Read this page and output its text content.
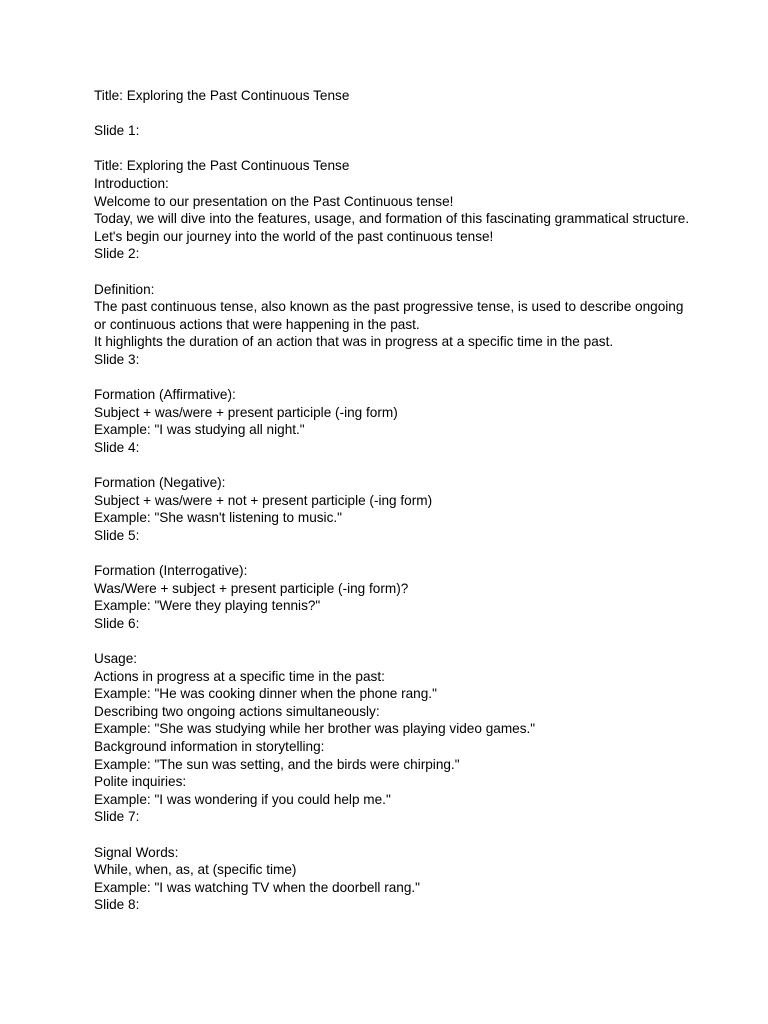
Title: Exploring the Past Continuous Tense
Slide 1:
Title: Exploring the Past Continuous Tense
Introduction:
Welcome to our presentation on the Past Continuous tense!
Today, we will dive into the features, usage, and formation of this fascinating grammatical structure.
Let's begin our journey into the world of the past continuous tense!
Slide 2:
Definition:
The past continuous tense, also known as the past progressive tense, is used to describe ongoing or continuous actions that were happening in the past.
It highlights the duration of an action that was in progress at a specific time in the past.
Slide 3:
Formation (Affirmative):
Subject + was/were + present participle (-ing form)
Example: "I was studying all night."
Slide 4:
Formation (Negative):
Subject + was/were + not + present participle (-ing form)
Example: "She wasn't listening to music."
Slide 5:
Formation (Interrogative):
Was/Were + subject + present participle (-ing form)?
Example: "Were they playing tennis?"
Slide 6:
Usage:
Actions in progress at a specific time in the past:
Example: "He was cooking dinner when the phone rang."
Describing two ongoing actions simultaneously:
Example: "She was studying while her brother was playing video games."
Background information in storytelling:
Example: "The sun was setting, and the birds were chirping."
Polite inquiries:
Example: "I was wondering if you could help me."
Slide 7:
Signal Words:
While, when, as, at (specific time)
Example: "I was watching TV when the doorbell rang."
Slide 8:
